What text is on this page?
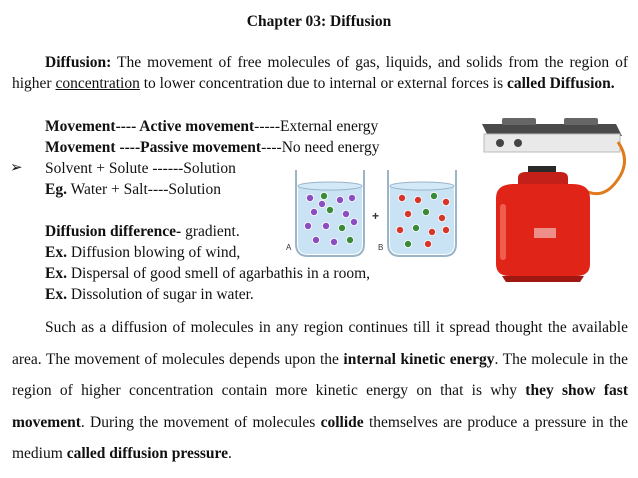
Chapter 03: Diffusion
Diffusion: The movement of free molecules of gas, liquids, and solids from the region of higher concentration to lower concentration due to internal or external forces is called Diffusion.
Movement---- Active movement-----External energy
Movement ----Passive movement----No need energy
➢ Solvent + Solute ------Solution
Eg. Water + Salt----Solution
Diffusion difference- gradient.
Ex. Diffusion blowing of wind,
Ex. Dispersal of good smell of agarbathis in a room,
Ex. Dissolution of sugar in water.
+
A	B
Such as a diffusion of molecules in any region continues till it spread thought the available area. The movement of molecules depends upon the internal kinetic energy. The molecule in the region of higher concentration contain more kinetic energy on that is why they show fast movement. During the movement of molecules collide themselves are produce a pressure in the medium called diffusion pressure.
